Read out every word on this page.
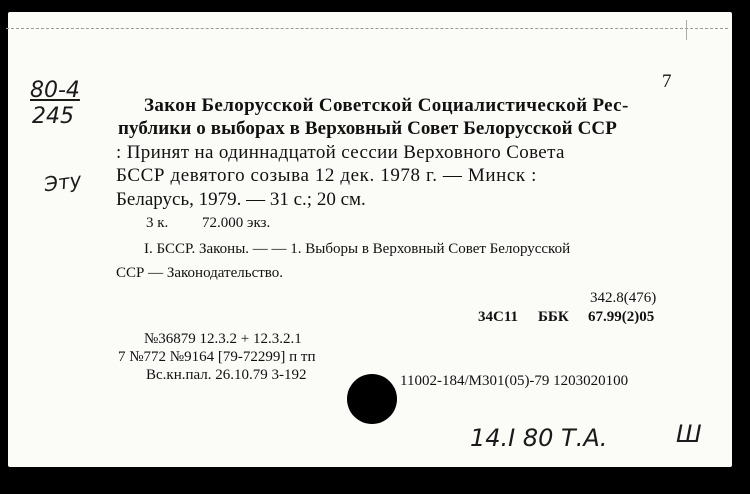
80-4
245
Эту
7
Закон Белорусской Советской Социалистической Рес-
публики о выборах в Верховный Совет Белорусской ССР
: Принят на одиннадцатой сессии Верховного Совета
БССР девятого созыва 12 дек. 1978 г. — Минск :
Беларусь, 1979. — 31 с.; 20 см.
3 к. 72.000 экз.
I. БССР. Законы. — — 1. Выборы в Верховный Совет Белорусской
ССР — Законодательство.
342.8(476)
34С11 ББК 67.99(2)05
№36879 12.3.2 + 12.3.2.1
7 №772 №9164 [79-72299] п тп
Вс.кн.пал. 26.10.79 3-192	11002-184/М301(05)-79 1203020100
14.I 80 Т.А.	Ш
